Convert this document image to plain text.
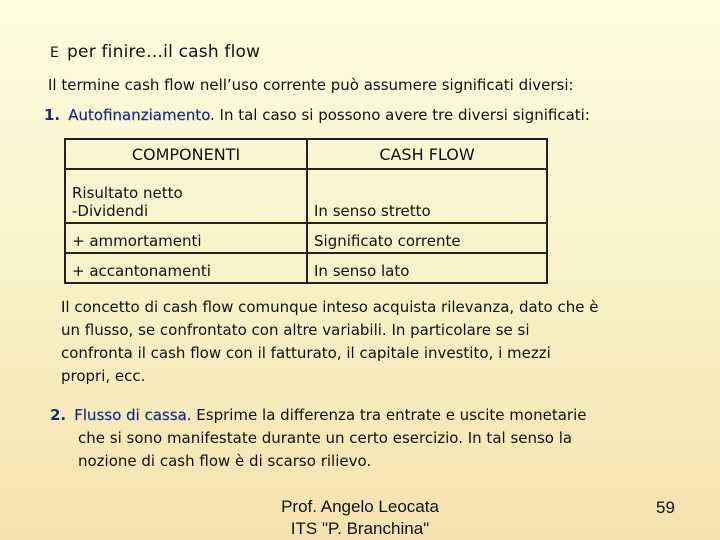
E per finire…il cash flow
Il termine cash flow nell’uso corrente può assumere significati diversi:
1. Autofinanziamento. In tal caso si possono avere tre diversi significati:
COMPONENTI	CASH FLOW

Risultato netto
-Dividendi	In senso stretto
+ ammortamenti	Significato corrente
+ accantonamenti	In senso lato
Il concetto di cash flow comunque inteso acquista rilevanza, dato che è
un flusso, se confrontato con altre variabili. In particolare se si
confronta il cash flow con il fatturato, il capitale investito, i mezzi
propri, ecc.
2. Flusso di cassa. Esprime la differenza tra entrate e uscite monetarie
che si sono manifestate durante un certo esercizio. In tal senso la
nozione di cash flow è di scarso rilievo.
Prof. Angelo Leocata
ITS "P. Branchina"
59
